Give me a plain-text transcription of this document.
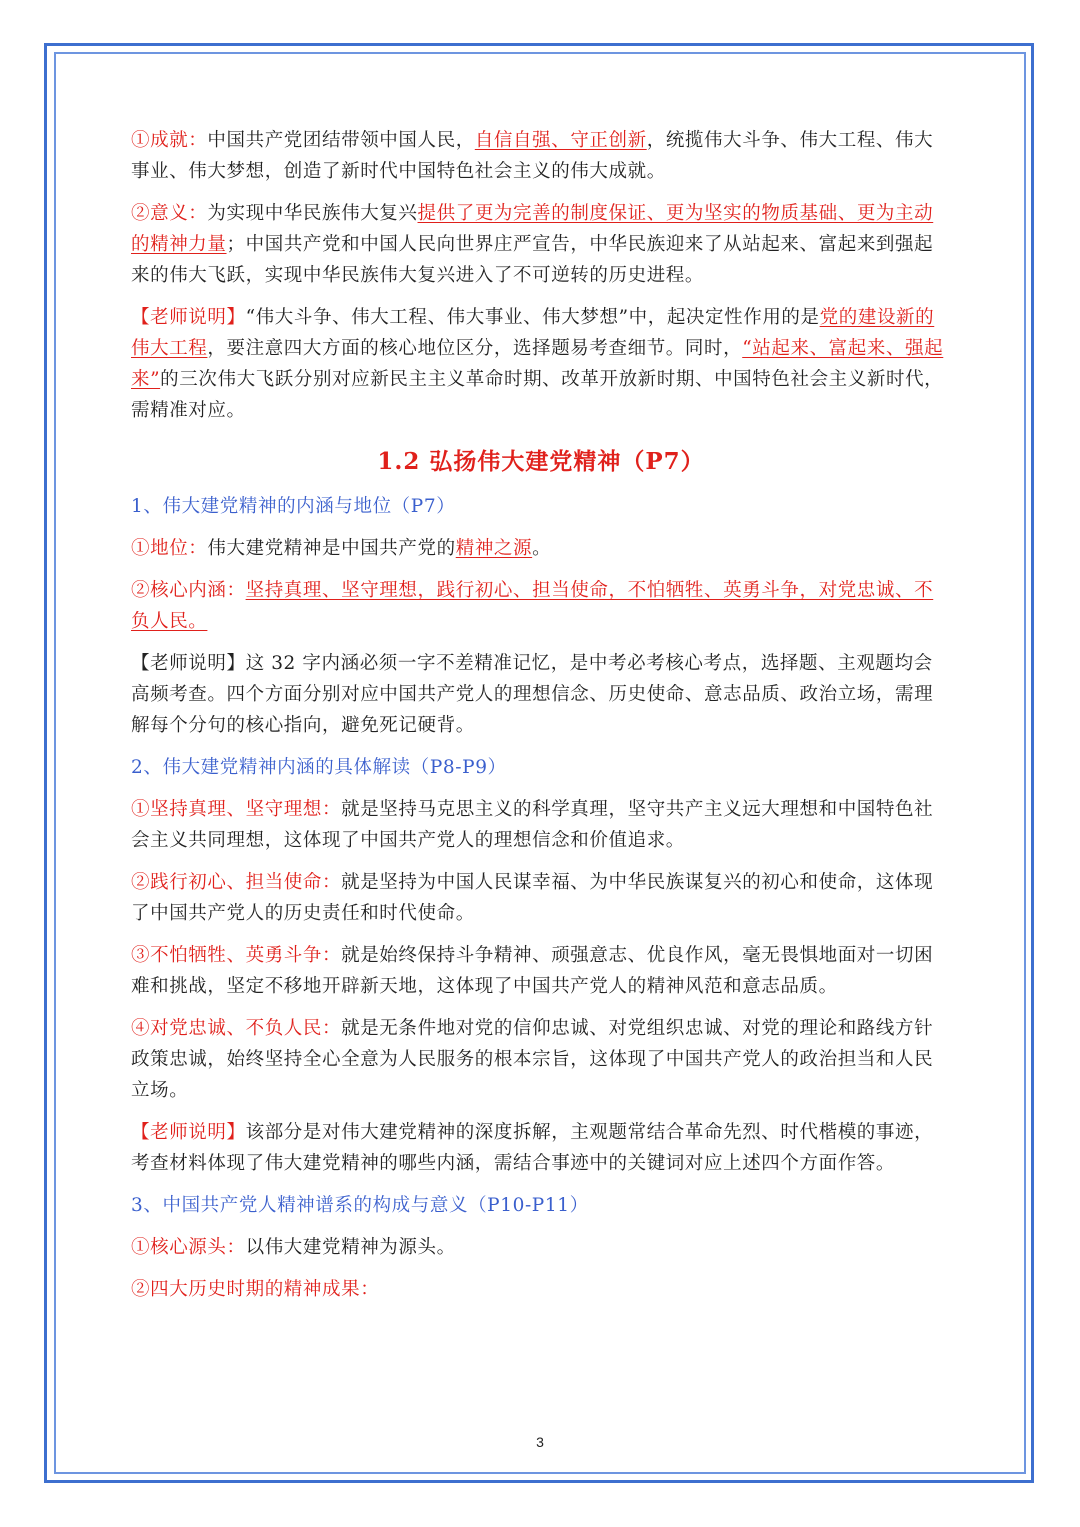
①成就：中国共产党团结带领中国人民，自信自强、守正创新，统揽伟大斗争、伟大工程、伟大事业、伟大梦想，创造了新时代中国特色社会主义的伟大成就。

②意义：为实现中华民族伟大复兴提供了更为完善的制度保证、更为坚实的物质基础、更为主动的精神力量；中国共产党和中国人民向世界庄严宣告，中华民族迎来了从站起来、富起来到强起来的伟大飞跃，实现中华民族伟大复兴进入了不可逆转的历史进程。

【老师说明】“伟大斗争、伟大工程、伟大事业、伟大梦想”中，起决定性作用的是党的建设新的伟大工程，要注意四大方面的核心地位区分，选择题易考查细节。同时，“站起来、富起来、强起来”的三次伟大飞跃分别对应新民主主义革命时期、改革开放新时期、中国特色社会主义新时代，需精准对应。

1.2 弘扬伟大建党精神（P7）
1、伟大建党精神的内涵与地位（P7）

①地位：伟大建党精神是中国共产党的精神之源。

②核心内涵：坚持真理、坚守理想，践行初心、担当使命，不怕牺牲、英勇斗争，对党忠诚、不负人民。

【老师说明】这 32 字内涵必须一字不差精准记忆，是中考必考核心考点，选择题、主观题均会高频考查。四个方面分别对应中国共产党人的理想信念、历史使命、意志品质、政治立场，需理解每个分句的核心指向，避免死记硬背。

2、伟大建党精神内涵的具体解读（P8-P9）

①坚持真理、坚守理想：就是坚持马克思主义的科学真理，坚守共产主义远大理想和中国特色社会主义共同理想，这体现了中国共产党人的理想信念和价值追求。

②践行初心、担当使命：就是坚持为中国人民谋幸福、为中华民族谋复兴的初心和使命，这体现了中国共产党人的历史责任和时代使命。

③不怕牺牲、英勇斗争：就是始终保持斗争精神、顽强意志、优良作风，毫无畏惧地面对一切困难和挑战，坚定不移地开辟新天地，这体现了中国共产党人的精神风范和意志品质。

④对党忠诚、不负人民：就是无条件地对党的信仰忠诚、对党组织忠诚、对党的理论和路线方针政策忠诚，始终坚持全心全意为人民服务的根本宗旨，这体现了中国共产党人的政治担当和人民立场。

【老师说明】该部分是对伟大建党精神的深度拆解，主观题常结合革命先烈、时代楷模的事迹，考查材料体现了伟大建党精神的哪些内涵，需结合事迹中的关键词对应上述四个方面作答。

3、中国共产党人精神谱系的构成与意义（P10-P11）

①核心源头：以伟大建党精神为源头。

②四大历史时期的精神成果：

3
